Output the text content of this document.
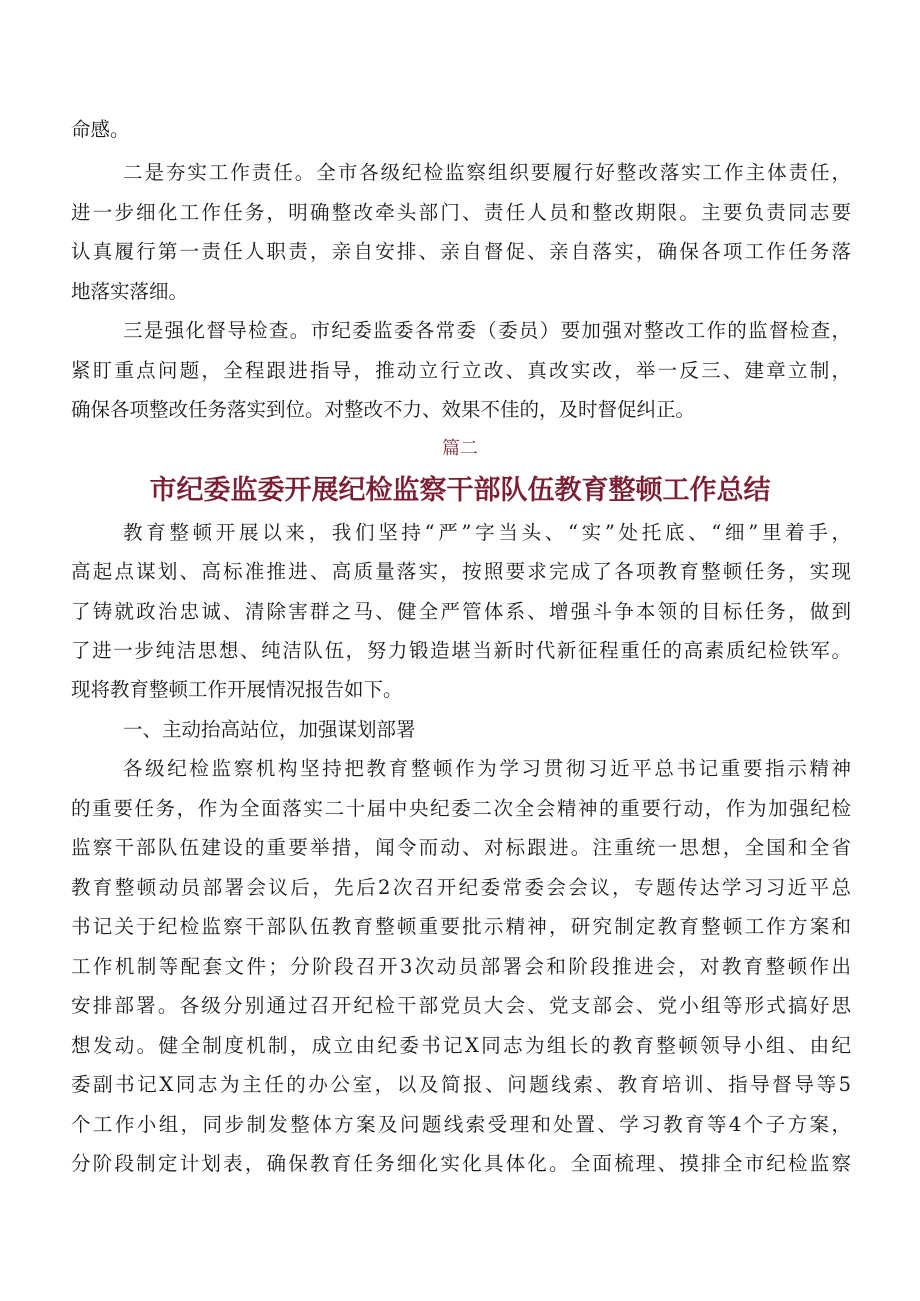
命感。
二是夯实工作责任。全市各级纪检监察组织要履行好整改落实工作主体责任，
进一步细化工作任务，明确整改牵头部门、责任人员和整改期限。主要负责同志要
认真履行第一责任人职责，亲自安排、亲自督促、亲自落实，确保各项工作任务落
地落实落细。
三是强化督导检查。市纪委监委各常委（委员）要加强对整改工作的监督检查，
紧盯重点问题，全程跟进指导，推动立行立改、真改实改，举一反三、建章立制，
确保各项整改任务落实到位。对整改不力、效果不佳的，及时督促纠正。
篇二
市纪委监委开展纪检监察干部队伍教育整顿工作总结
教育整顿开展以来，我们坚持“严”字当头、“实”处托底、“细”里着手，
高起点谋划、高标准推进、高质量落实，按照要求完成了各项教育整顿任务，实现
了铸就政治忠诚、清除害群之马、健全严管体系、增强斗争本领的目标任务，做到
了进一步纯洁思想、纯洁队伍，努力锻造堪当新时代新征程重任的高素质纪检铁军。
现将教育整顿工作开展情况报告如下。
一、主动抬高站位，加强谋划部署
各级纪检监察机构坚持把教育整顿作为学习贯彻习近平总书记重要指示精神
的重要任务，作为全面落实二十届中央纪委二次全会精神的重要行动，作为加强纪检
监察干部队伍建设的重要举措，闻令而动、对标跟进。注重统一思想，全国和全省
教育整顿动员部署会议后，先后2次召开纪委常委会会议，专题传达学习习近平总
书记关于纪检监察干部队伍教育整顿重要批示精神，研究制定教育整顿工作方案和
工作机制等配套文件；分阶段召开3次动员部署会和阶段推进会，对教育整顿作出
安排部署。各级分别通过召开纪检干部党员大会、党支部会、党小组等形式搞好思
想发动。健全制度机制，成立由纪委书记X同志为组长的教育整顿领导小组、由纪
委副书记X同志为主任的办公室，以及简报、问题线索、教育培训、指导督导等5
个工作小组，同步制发整体方案及问题线索受理和处置、学习教育等4个子方案，
分阶段制定计划表，确保教育任务细化实化具体化。全面梳理、摸排全市纪检监察
